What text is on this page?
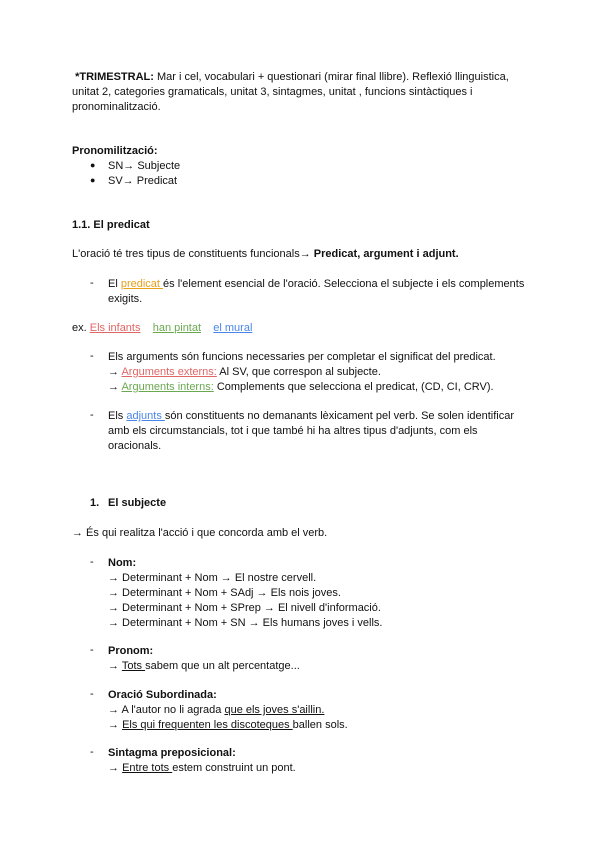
*TRIMESTRAL: Mar i cel, vocabulari + questionari (mirar final llibre). Reflexió llinguistica, unitat 2, categories gramaticals, unitat 3, sintagmes, unitat , funcions sintàctiques i pronominalització.
Pronomilització:
● SN→ Subjecte
● SV→ Predicat
1.1. El predicat
L'oració té tres tipus de constituents funcionals→ Predicat, argument i adjunt.
- El predicat és l'element esencial de l'oració. Selecciona el subjecte i els complements exigits.
ex. Els infants han pintat el mural
- Els arguments són funcions necessaries per completar el significat del predicat.
→ Arguments externs: Al SV, que correspon al subjecte.
→ Arguments interns: Complements que selecciona el predicat, (CD, CI, CRV).
- Els adjunts són constituents no demanants lèxicament pel verb. Se solen identificar amb els circumstancials, tot i que també hi ha altres tipus d'adjunts, com els oracionals.
1. El subjecte
→ És qui realitza l'acció i que concorda amb el verb.
- Nom:
→ Determinant + Nom → El nostre cervell.
→ Determinant + Nom + SAdj → Els nois joves.
→ Determinant + Nom + SPrep → El nivell d'informació.
→ Determinant + Nom + SN → Els humans joves i vells.
- Pronom:
→ Tots sabem que un alt percentatge...
- Oració Subordinada:
→ A l'autor no li agrada que els joves s'aillin.
→ Els qui frequenten les discoteques ballen sols.
- Sintagma preposicional:
→ Entre tots estem construint un pont.
